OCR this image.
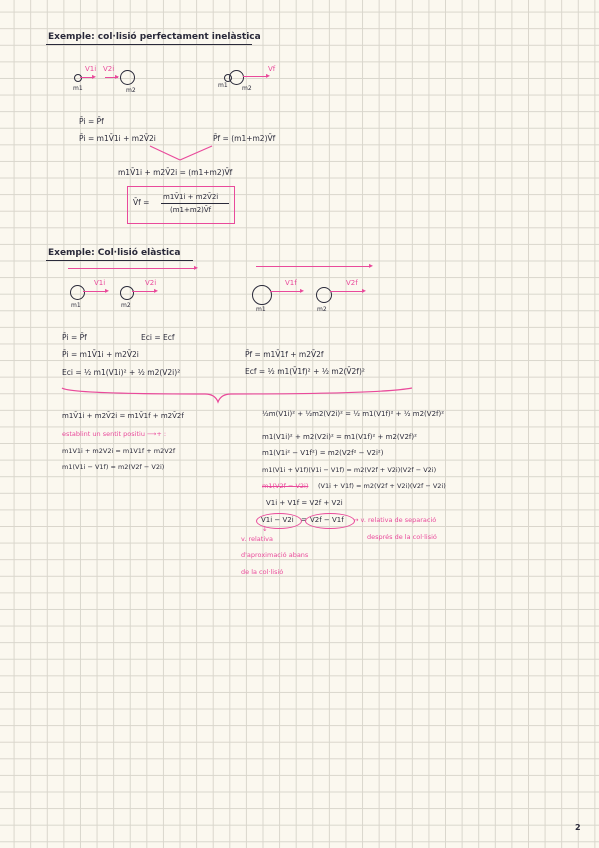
Exemple: col·lisió perfectament inelàstica
V1i V2i
▸ ▸
m1	m2
▸
Vf
m1 m2
P̄i = P̄f
P̄i = m1V̄1i + m2V̄2i	P̄f = (m1+m2)V̄f
m1V̄1i + m2V̄2i = (m1+m2)V̄f
V̄f =
m1V̄1i + m2V̄2i
(m1+m2)V̄f
Exemple: Col·lisió elàstica
▸	▸
▸
V1i
▸
V2i
m1	m2
▸
V1f
▸
V2f
m1	m2
P̄i = P̄f	Eci = Ecf
P̄i = m1V̄1i + m2V̄2i	P̄f = m1V̄1f + m2V̄2f
Eci = ½ m1(V1i)² + ½ m2(V2i)²	Ecf = ½ m1(V̄1f)² + ½ m2(V̄2f)²
m1V̄1i + m2V̄2i = m1V̄1f + m2V̄2f
establint un sentit positiu ⟶+ :
m1V1i + m2V2i = m1V1f + m2V2f
m1(V1i − V1f) = m2(V2f − V2i)
½m(V1i)² + ½m2(V2i)² = ½ m1(V1f)² + ½ m2(V2f)²
m1(V1i)² + m2(V2i)² = m1(V1f)² + m2(V2f)²
m1(V1i² − V1f²) = m2(V2f² − V2i²)
m1(V1i + V1f)(V1i − V1f) = m2(V2f + V2i)(V2f − V2i)
m1(V2f − V2i) (V1i + V1f) = m2(V2f + V2i)(V2f − V2i)
V1i + V1f = V2f + V2i
V1i − V2i = V2f − V1f → v. relativa de separació
després de la col·lisió
↓
v. relativa
d'aproximació abans
de la col·lisió
2
